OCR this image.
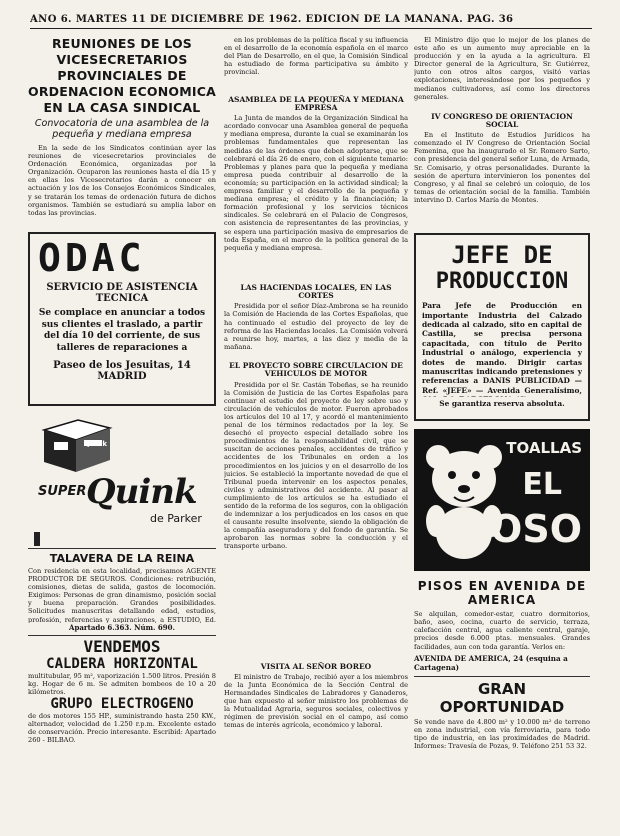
AÑO 6. MARTES 11 DE DICIEMBRE DE 1962. EDICION DE LA MAÑANA. PAG. 36
REUNIONES DE LOS VICESECRETARIOS PROVINCIALES DE ORDENACION ECONOMICA EN LA CASA SINDICAL
Convocatoria de una asamblea de la pequeña y mediana empresa

En la sede de los Sindicatos continúan ayer las reuniones de vicesecretarios provinciales de Ordenación Económica, organizadas por la Organización. Ocuparon las reuniones hasta el día 15 y en ellas los Vicesecretarios darán a conocer en actuación y los de los Consejos Económicos Sindicales, y se tratarán los temas de ordenación futura de dichos organismos. También se estudiará su amplia labor en todas las provincias.

ODAC
SERVICIO DE ASISTENCIA
TECNICA
Se complace en anunciar a todos sus clientes el traslado, a partir del día 10 del corriente, de sus talleres de reparaciones a
Paseo de los Jesuitas, 14
MADRID
Quink
SUPER Quink
de Parker
TALAVERA DE LA REINA
Con residencia en esta localidad, precisamos AGENTE PRODUCTOR DE SEGUROS. Condiciones: retribución, comisiones, dietas de salida, gastos de locomoción. Exigimos: Personas de gran dinamismo, posición social y buena preparación. Grandes posibilidades. Solicitudes manuscritas detallando edad, estudios, profesión, referencias y aspiraciones, a ESTUDIO, Ed.
Apartado 6.363. Núm. 690.
VENDEMOS
CALDERA HORIZONTAL
multitubular, 95 m², vaporización 1.500 litros. Presión 8 kg. Hogar de 6 m. Se admiten bombeos de 10 a 20 kilómetros.
GRUPO ELECTROGENO
de dos motores 155 HP., suministrando hasta 250 KW., alternador, velocidad de 1.250 r.p.m. Excelente estado de conservación. Precio interesante. Escribid: Apartado 260 - BILBAO.

en los problemas de la política fiscal y su influencia en el desarrollo de la economía española en el marco del Plan de Desarrollo, en el que, la Comisión Sindical ha estudiado de forma participativa su ámbito y provincial.

ASAMBLEA DE LA PEQUEÑA Y MEDIANA EMPRESA

La Junta de mandos de la Organización Sindical ha acordado convocar una Asamblea general de pequeña y mediana empresa, durante la cual se examinarán los problemas fundamentales que representan las medidas de las órdenes que deben adoptarse, que se celebrará el día 26 de enero, con el siguiente temario: Problemas y planes para que la pequeña y mediana empresa pueda contribuir al desarrollo de la economía; su participación en la actividad sindical; la empresa familiar y el desarrollo de la pequeña y mediana empresa; el crédito y la financiación; la formación profesional y los servicios técnicos sindicales. Se celebrará en el Palacio de Congresos, con asistencia de representantes de las provincias, y se espera una participación masiva de empresarios de toda España, en el marco de la política general de la pequeña y mediana empresa.

LAS HACIENDAS LOCALES, EN LAS CORTES

Presidida por el señor Díaz-Ambrona se ha reunido la Comisión de Hacienda de las Cortes Españolas, que ha continuado el estudio del proyecto de ley de reforma de las Haciendas locales. La Comisión volverá a reunirse hoy, martes, a las diez y media de la mañana.

EL PROYECTO SOBRE CIRCULACION DE VEHICULOS DE MOTOR

Presidida por el Sr. Castán Tobeñas, se ha reunido la Comisión de Justicia de las Cortes Españolas para continuar el estudio del proyecto de ley sobre uso y circulación de vehículos de motor. Fueron aprobados los artículos del 10 al 17, y acordó el mantenimiento penal de los términos redactados por la ley. Se desechó el proyecto especial detallado sobre los procedimientos de la responsabilidad civil, que se suscitan de acciones penales, accidentes de tráfico y accidentes de los Tribunales en orden a los procedimientos en los juicios y en el desarrollo de los juicios. Se estableció la importante novedad de que el Tribunal pueda intervenir en los aspectos penales, civiles y administrativos del accidente. Al pasar al cumplimiento de los artículos se ha estudiado el sentido de la reforma de los seguros, con la obligación de indemnizar a los perjudicados en los casos en que el causante resulte insolvente, siendo la obligación de la compañía aseguradora y del fondo de garantía. Se aprobaron las normas sobre la conducción y el transporte urbano.

VISITA AL SEÑOR BOREO

El ministro de Trabajo, recibió ayer a los miembros de la Junta Económica de la Sección Central de Hermandades Sindicales de Labradores y Ganaderos, que han expuesto al señor ministro los problemas de la Mutualidad Agraria, seguros sociales, colectivos y régimen de previsión social en el campo, así como temas de interés agrícola, económico y laboral.

El Ministro dijo que lo mejor de los planes de este año es un aumento muy apreciable en la producción y en la ayuda a la agricultura. El Director general de la Agricultura, Sr. Gutiérrez, junto con otros altos cargos, visitó varias explotaciones, interesándose por los pequeños y medianos cultivadores, así como los directores generales.

IV CONGRESO DE ORIENTACION SOCIAL

En el Instituto de Estudios Jurídicos ha comenzado el IV Congreso de Orientación Social Femenina, que ha inaugurado el Sr. Romero Sarto, con presidencia del general señor Luna, de Armada, Sr. Comisario, y otras personalidades. Durante la sesión de apertura intervinieron los ponentes del Congreso, y al final se celebró un coloquio, de los temas de orientación social de la familia. También intervino D. Carlos María de Montes.

JEFE DE
PRODUCCION
Para Jefe de Producción en importante Industria del Calzado dedicada al calzado, sito en capital de Castilla, se precisa persona capacitada, con título de Perito Industrial o análogo, experiencia y dotes de mando. Dirigir cartas manuscritas indicando pretensiones y referencias a DANIS PUBLICIDAD — Ref. «JEFE» — Avenida Generalísimo,
Se garantiza reserva absoluta.
TOALLAS
EL
OSO
PISOS EN AVENIDA DE AMERICA
Se alquilan, comedor-estar, cuatro dormitorios, baño, aseo, cocina, cuarto de servicio, terraza, calefacción central, agua caliente central, garaje, precios desde 6.000 ptas. mensuales. Grandes facilidades, aun con toda garantía. Verlos en:
AVENIDA DE AMERICA, 24 (esquina a Cartagena)
GRAN OPORTUNIDAD
Se vende nave de 4.800 m² y 10.000 m² de terreno en zona industrial, con vía ferroviaria, para todo tipo de industria, en las proximidades de Madrid. Informes: Travesía de Pozas, 9. Teléfono 251 53 32.
